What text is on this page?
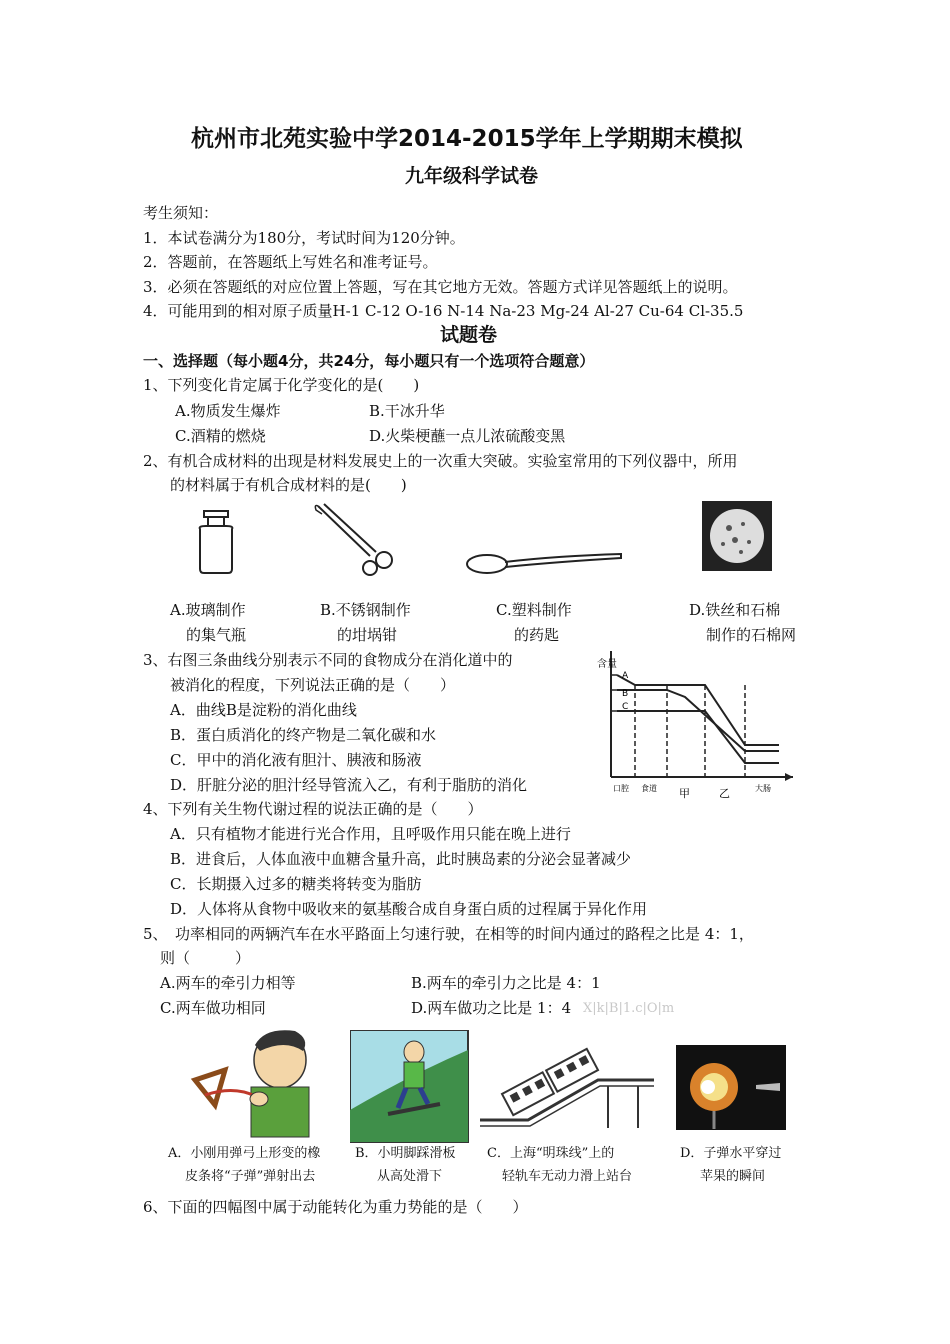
杭州市北苑实验中学2014-2015学年上学期期末模拟
九年级科学试卷
考生须知：
1．本试卷满分为180分，考试时间为120分钟。
2．答题前，在答题纸上写姓名和准考证号。
3．必须在答题纸的对应位置上答题，写在其它地方无效。答题方式详见答题纸上的说明。
4．可能用到的相对原子质量H-1 C-12 O-16 N-14 Na-23 Mg-24 Al-27 Cu-64 Cl-35.5
试题卷
一、选择题（每小题4分，共24分，每小题只有一个选项符合题意）
1、下列变化肯定属于化学变化的是(　　)
A.物质发生爆炸	B.干冰升华
C.酒精的燃烧	D.火柴梗蘸一点儿浓硫酸变黑
2、有机合成材料的出现是材料发展史上的一次重大突破。实验室常用的下列仪器中，所用
的材料属于有机合成材料的是(　　)
A.玻璃制作
的集气瓶
B.不锈钢制作
的坩埚钳
C.塑料制作
的药匙
D.铁丝和石棉
制作的石棉网
3、右图三条曲线分别表示不同的食物成分在消化道中的
被消化的程度，下列说法正确的是（　　）
A．曲线B是淀粉的消化曲线
B．蛋白质消化的终产物是二氧化碳和水
C．甲中的消化液有胆汁、胰液和肠液
D．肝脏分泌的胆汁经导管流入乙，有利于脂肪的消化
含量
A
B
C
口腔 食道 甲	乙	大肠
4、下列有关生物代谢过程的说法正确的是（　　）
A．只有植物才能进行光合作用，且呼吸作用只能在晚上进行
B．进食后，人体血液中血糖含量升高，此时胰岛素的分泌会显著减少
C．长期摄入过多的糖类将转变为脂肪
D．人体将从食物中吸收来的氨基酸合成自身蛋白质的过程属于异化作用
5、　功率相同的两辆汽车在水平路面上匀速行驶，在相等的时间内通过的路程之比是 4：1，
则（　　　）
A.两车的牵引力相等	B.两车的牵引力之比是 4：1
C.两车做功相同	D.两车做功之比是 1：4 X|k|B|1.c|O|m
A．小刚用弹弓上形变的橡
皮条将“子弹”弹射出去
B．小明脚踩滑板
从高处滑下
C．上海“明珠线”上的
轻轨车无动力滑上站台
D．子弹水平穿过
苹果的瞬间
6、下面的四幅图中属于动能转化为重力势能的是（　　）
